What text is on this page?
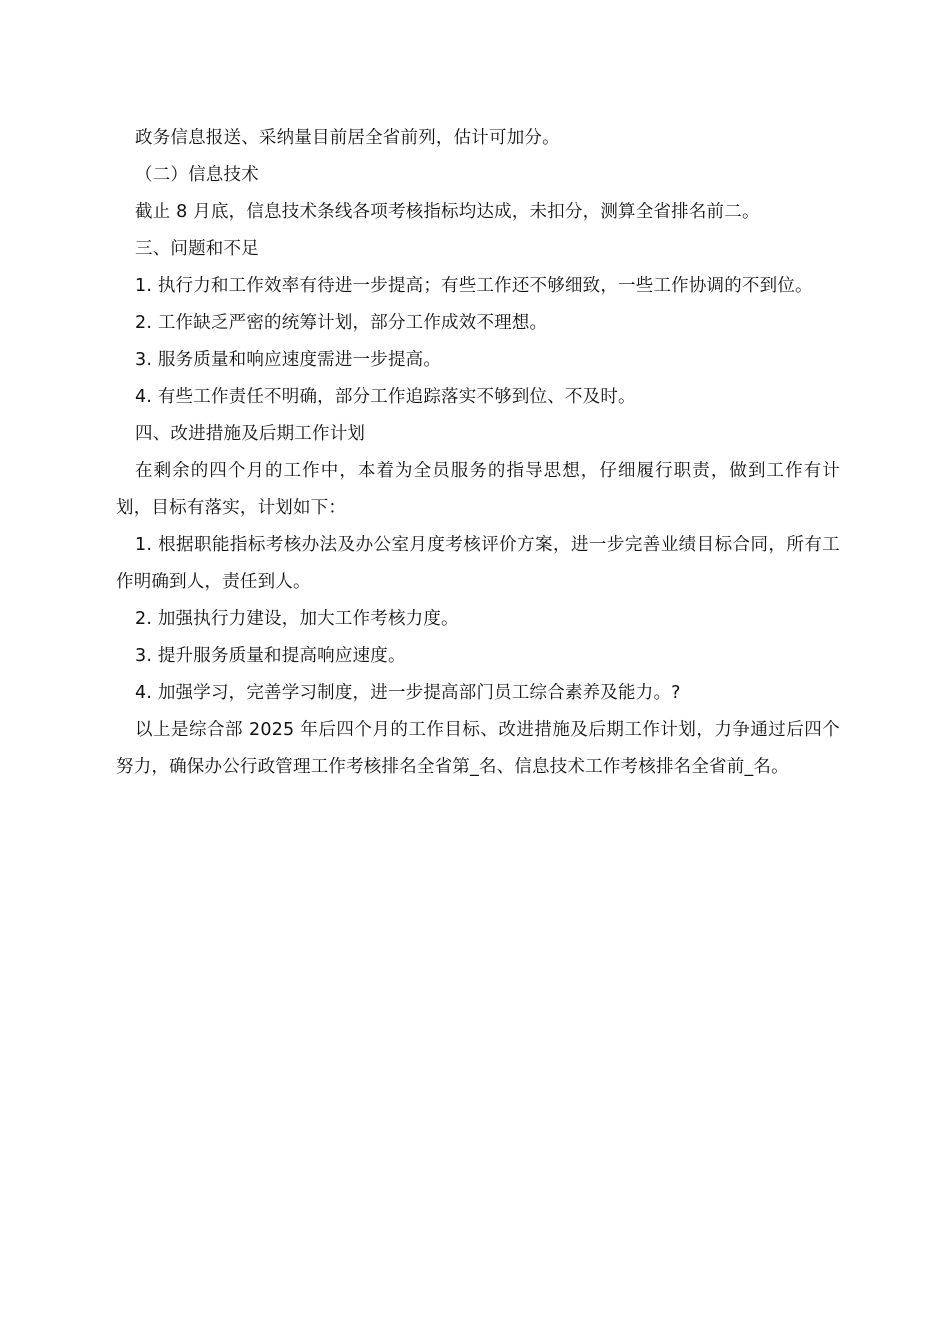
政务信息报送、采纳量目前居全省前列，估计可加分。

（二）信息技术

截止 8 月底，信息技术条线各项考核指标均达成，未扣分，测算全省排名前二。

三、问题和不足

1. 执行力和工作效率有待进一步提高；有些工作还不够细致，一些工作协调的不到位。

2. 工作缺乏严密的统筹计划，部分工作成效不理想。

3. 服务质量和响应速度需进一步提高。

4. 有些工作责任不明确，部分工作追踪落实不够到位、不及时。

四、改进措施及后期工作计划

在剩余的四个月的工作中，本着为全员服务的指导思想，仔细履行职责，做到工作有计划，目标有落实，计划如下：

1. 根据职能指标考核办法及办公室月度考核评价方案，进一步完善业绩目标合同，所有工作明确到人，责任到人。

2. 加强执行力建设，加大工作考核力度。

3. 提升服务质量和提高响应速度。

4. 加强学习，完善学习制度，进一步提高部门员工综合素养及能力。?

以上是综合部 2025 年后四个月的工作目标、改进措施及后期工作计划，力争通过后四个努力，确保办公行政管理工作考核排名全省第_名、信息技术工作考核排名全省前_名。
